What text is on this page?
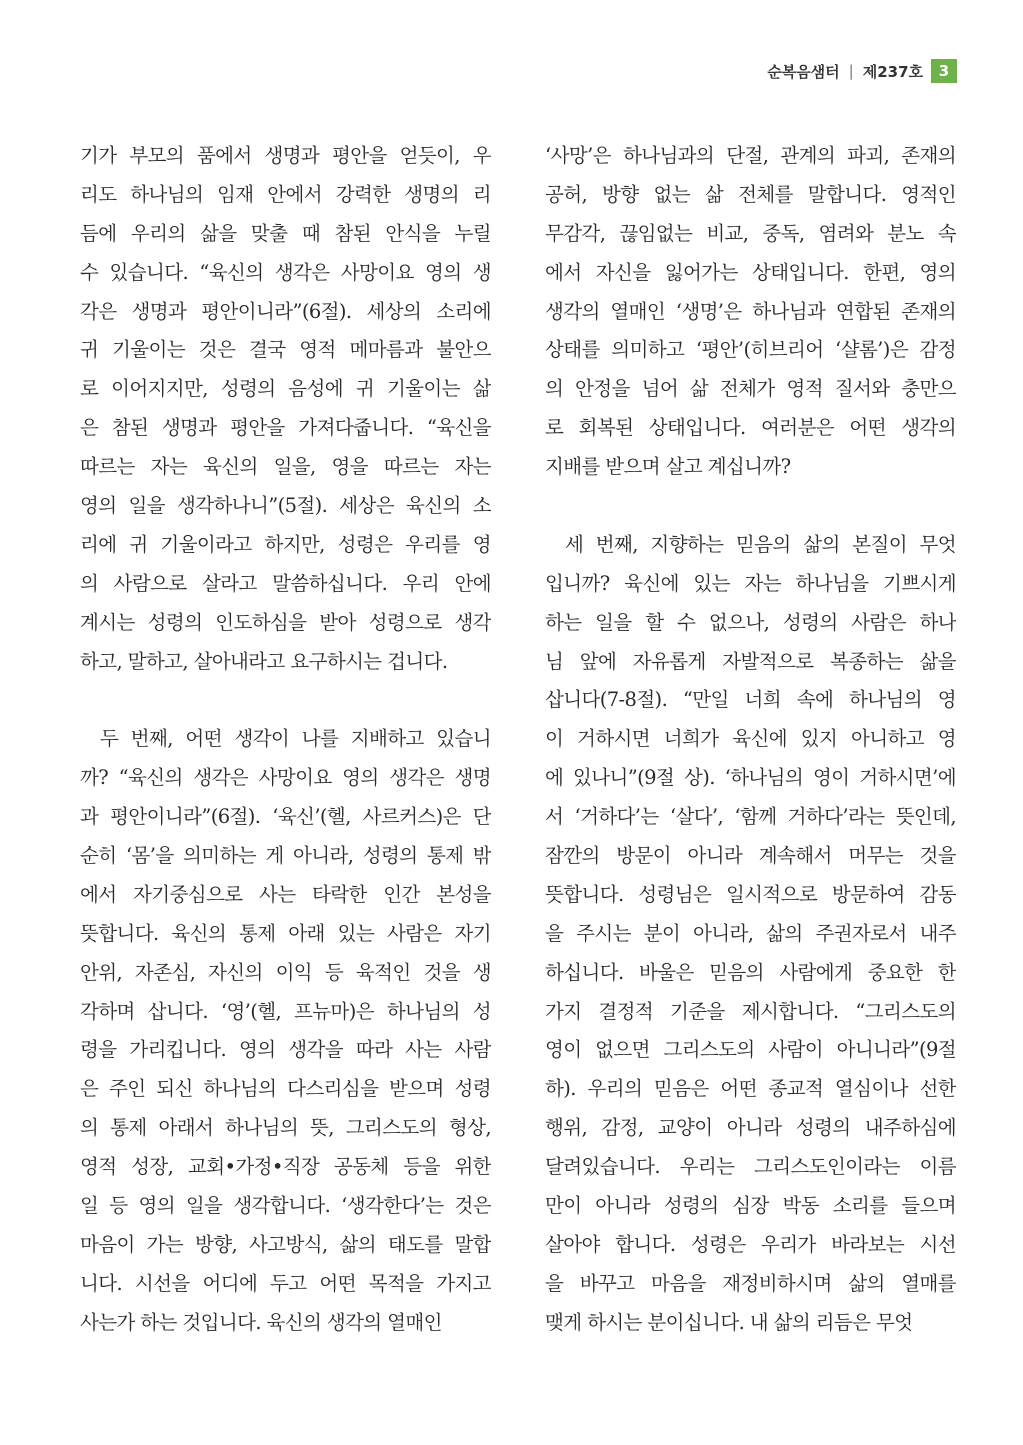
순복음샘터 | 제237호	3
기가 부모의 품에서 생명과 평안을 얻듯이, 우
리도 하나님의 임재 안에서 강력한 생명의 리
듬에 우리의 삶을 맞출 때 참된 안식을 누릴
수 있습니다. “육신의 생각은 사망이요 영의 생
각은 생명과 평안이니라”(6절). 세상의 소리에
귀 기울이는 것은 결국 영적 메마름과 불안으
로 이어지지만, 성령의 음성에 귀 기울이는 삶
은 참된 생명과 평안을 가져다줍니다. “육신을
따르는 자는 육신의 일을, 영을 따르는 자는
영의 일을 생각하나니”(5절). 세상은 육신의 소
리에 귀 기울이라고 하지만, 성령은 우리를 영
의 사람으로 살라고 말씀하십니다. 우리 안에
계시는 성령의 인도하심을 받아 성령으로 생각
하고, 말하고, 살아내라고 요구하시는 겁니다.
두 번째, 어떤 생각이 나를 지배하고 있습니
까? “육신의 생각은 사망이요 영의 생각은 생명
과 평안이니라”(6절). ‘육신’(헬, 사르커스)은 단
순히 ‘몸’을 의미하는 게 아니라, 성령의 통제 밖
에서 자기중심으로 사는 타락한 인간 본성을
뜻합니다. 육신의 통제 아래 있는 사람은 자기
안위, 자존심, 자신의 이익 등 육적인 것을 생
각하며 삽니다. ‘영’(헬, 프뉴마)은 하나님의 성
령을 가리킵니다. 영의 생각을 따라 사는 사람
은 주인 되신 하나님의 다스리심을 받으며 성령
의 통제 아래서 하나님의 뜻, 그리스도의 형상,
영적 성장, 교회•가정•직장 공동체 등을 위한
일 등 영의 일을 생각합니다. ‘생각한다’는 것은
마음이 가는 방향, 사고방식, 삶의 태도를 말합
니다. 시선을 어디에 두고 어떤 목적을 가지고
사는가 하는 것입니다. 육신의 생각의 열매인
‘사망’은 하나님과의 단절, 관계의 파괴, 존재의
공허, 방향 없는 삶 전체를 말합니다. 영적인
무감각, 끊임없는 비교, 중독, 염려와 분노 속
에서 자신을 잃어가는 상태입니다. 한편, 영의
생각의 열매인 ‘생명’은 하나님과 연합된 존재의
상태를 의미하고 ‘평안’(히브리어 ‘샬롬’)은 감정
의 안정을 넘어 삶 전체가 영적 질서와 충만으
로 회복된 상태입니다. 여러분은 어떤 생각의
지배를 받으며 살고 계십니까?
세 번째, 지향하는 믿음의 삶의 본질이 무엇
입니까? 육신에 있는 자는 하나님을 기쁘시게
하는 일을 할 수 없으나, 성령의 사람은 하나
님 앞에 자유롭게 자발적으로 복종하는 삶을
삽니다(7-8절). “만일 너희 속에 하나님의 영
이 거하시면 너희가 육신에 있지 아니하고 영
에 있나니”(9절 상). ‘하나님의 영이 거하시면’에
서 ‘거하다’는 ‘살다’, ‘함께 거하다’라는 뜻인데,
잠깐의 방문이 아니라 계속해서 머무는 것을
뜻합니다. 성령님은 일시적으로 방문하여 감동
을 주시는 분이 아니라, 삶의 주권자로서 내주
하십니다. 바울은 믿음의 사람에게 중요한 한
가지 결정적 기준을 제시합니다. “그리스도의
영이 없으면 그리스도의 사람이 아니니라”(9절
하). 우리의 믿음은 어떤 종교적 열심이나 선한
행위, 감정, 교양이 아니라 성령의 내주하심에
달려있습니다. 우리는 그리스도인이라는 이름
만이 아니라 성령의 심장 박동 소리를 들으며
살아야 합니다. 성령은 우리가 바라보는 시선
을 바꾸고 마음을 재정비하시며 삶의 열매를
맺게 하시는 분이십니다. 내 삶의 리듬은 무엇
